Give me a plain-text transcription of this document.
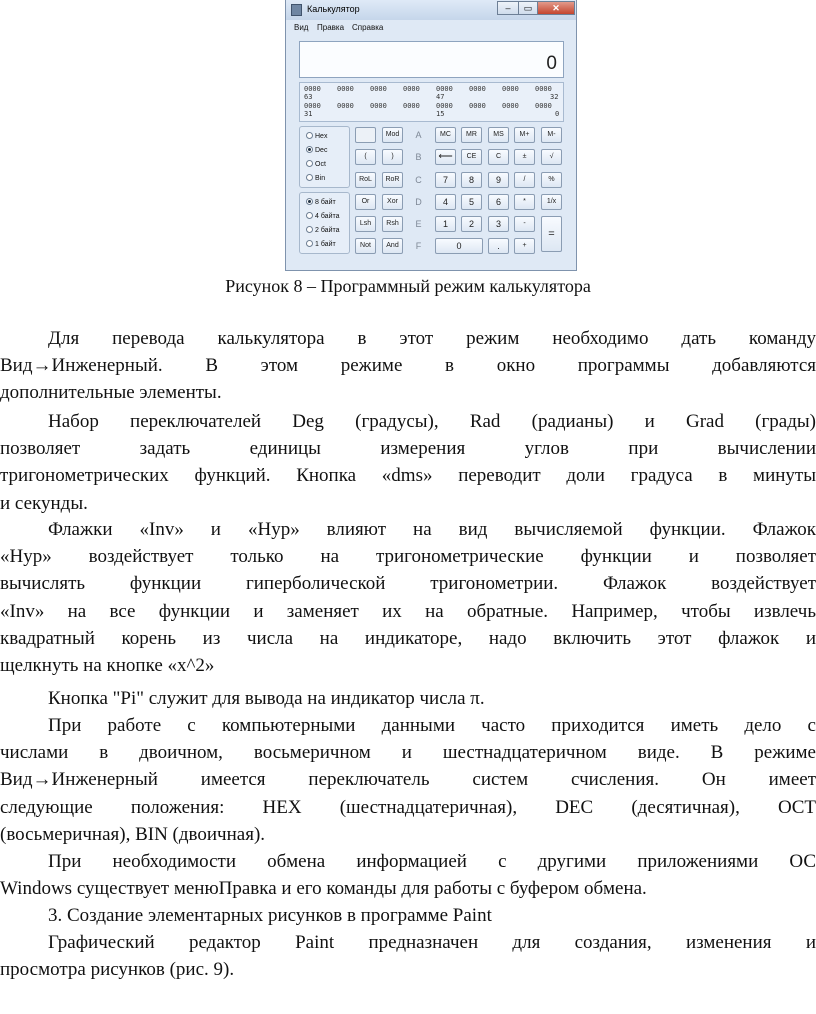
Калькулятор	–	▭	✕
Вид Правка Справка
0
0000 0000 0000 0000 0000 0000 0000 0000
63	47	32
0000 0000 0000 0000 0000 0000 0000 0000
31	15	0
Hex
Dec
Oct
Bin
8 байт
4 байта
2 байта
1 байт
Mod	A	MC	MR	MS	M+	M-
(	)	B	⟵	CE	C	±	√
RoL	RoR	C	7	8	9	/	%
Or	Xor	D	4	5	6	*	1/x
Lsh	Rsh	E	1	2	3	-
=
Not	And	F	0	.	+
Рисунок 8 – Программный режим калькулятора
Для перевода калькулятора в этот режим необходимо дать команду
Вид→Инженерный. В этом режиме в окно программы добавляются
дополнительные элементы.
Набор переключателей Deg (градусы), Rad (радианы) и Grad (грады)
позволяет задать единицы измерения углов при вычислении
тригонометрических функций. Кнопка «dms» переводит доли градуса в минуты
и секунды.
Флажки «Inv» и «Hyp» влияют на вид вычисляемой функции. Флажок
«Hyp» воздействует только на тригонометрические функции и позволяет
вычислять функции гиперболической тригонометрии. Флажок воздействует
«Inv» на все функции и заменяет их на обратные. Например, чтобы извлечь
квадратный корень из числа на индикаторе, надо включить этот флажок и
щелкнуть на кнопке «x^2»
Кнопка "Pi" служит для вывода на индикатор числа π.
При работе с компьютерными данными часто приходится иметь дело с
числами в двоичном, восьмеричном и шестнадцатеричном виде. В режиме
Вид→Инженерный имеется переключатель систем счисления. Он имеет
следующие положения: HEX (шестнадцатеричная), DEC (десятичная), OCT
(восьмеричная), BIN (двоичная).
При необходимости обмена информацией с другими приложениями ОС
Windows существует менюПравка и его команды для работы с буфером обмена.
3. Создание элементарных рисунков в программе Paint
Графический редактор Paint предназначен для создания, изменения и
просмотра рисунков (рис. 9).
